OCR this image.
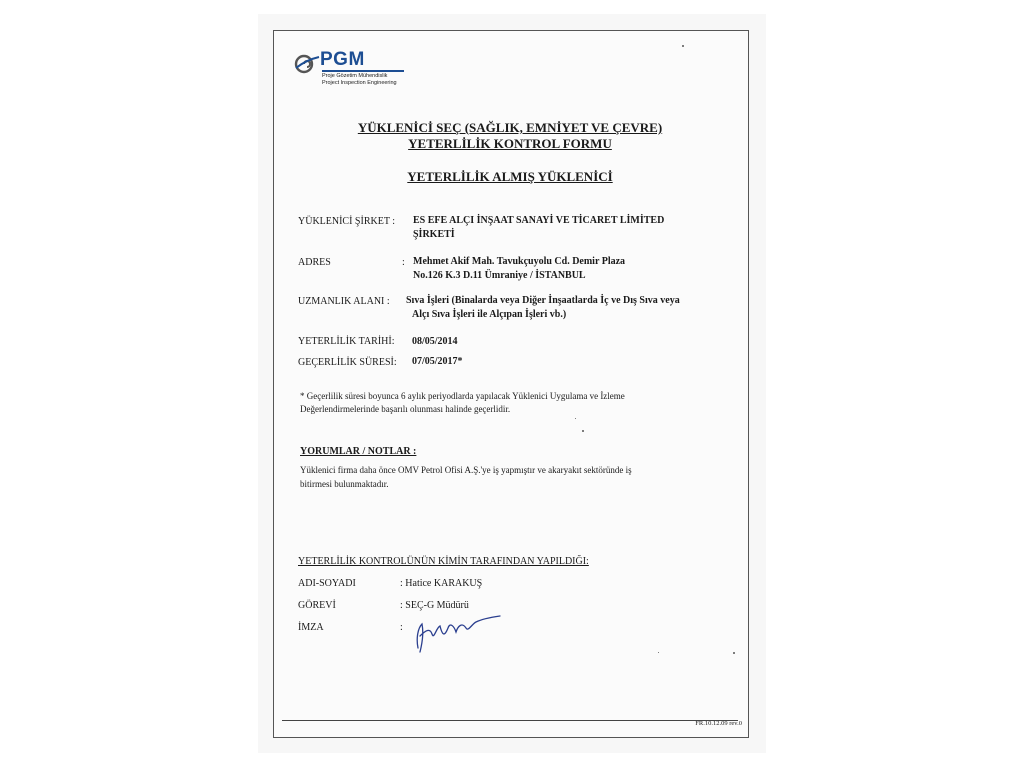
PGM
Proje Gözetim Mühendislik
Project Inspection Engineering
YÜKLENİCİ SEÇ (SAĞLIK, EMNİYET VE ÇEVRE)
YETERLİLİK KONTROL FORMU
YETERLİLİK ALMIŞ YÜKLENİCİ
YÜKLENİCİ ŞİRKET : ES EFE ALÇI İNŞAAT SANAYİ VE TİCARET LİMİTED
ŞİRKETİ
ADRES	: Mehmet Akif Mah. Tavukçuyolu Cd. Demir Plaza
No.126 K.3 D.11 Ümraniye / İSTANBUL
UZMANLIK ALANI : Sıva İşleri (Binalarda veya Diğer İnşaatlarda İç ve Dış Sıva veya
Alçı Sıva İşleri ile Alçıpan İşleri vb.)
YETERLİLİK TARİHİ: 08/05/2014
GEÇERLİLİK SÜRESİ: 07/05/2017*
* Geçerlilik süresi boyunca 6 aylık periyodlarda yapılacak Yüklenici Uygulama ve İzleme
Değerlendirmelerinde başarılı olunması halinde geçerlidir.
YORUMLAR / NOTLAR :
Yüklenici firma daha önce OMV Petrol Ofisi A.Ş.'ye iş yapmıştır ve akaryakıt sektöründe iş
bitirmesi bulunmaktadır.
YETERLİLİK KONTROLÜNÜN KİMİN TARAFINDAN YAPILDIĞI:
ADI-SOYADI	: Hatice KARAKUŞ
GÖREVİ	: SEÇ-G Müdürü
İMZA	:
FR.10.12.09 rev.0
